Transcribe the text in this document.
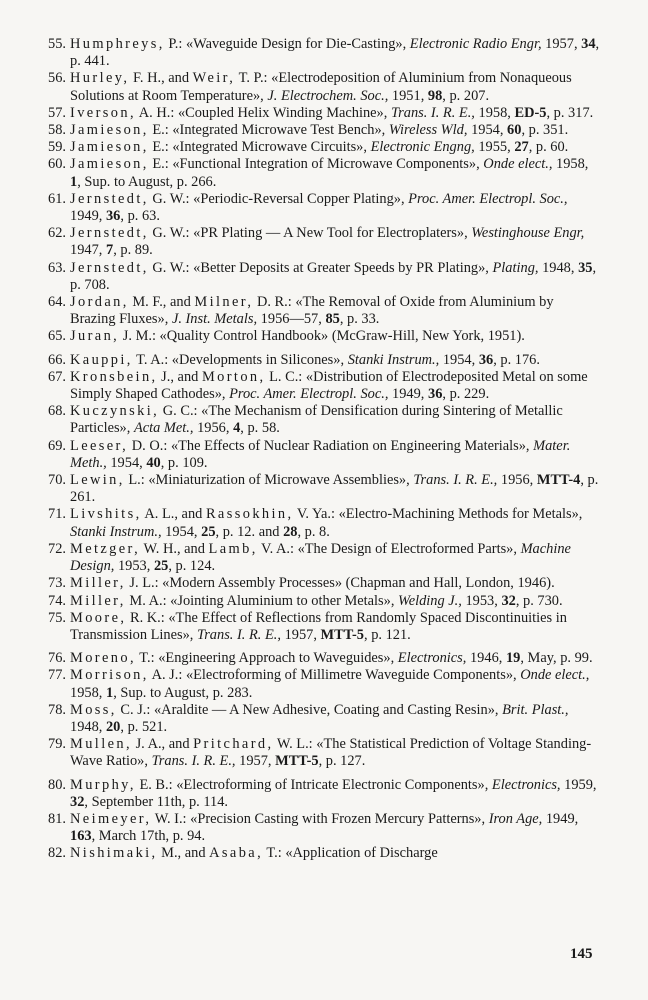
55. Humphreys, P.: «Waveguide Design for Die-Casting», Electronic Radio Engr, 1957, 34, p. 441.
56. Hurley, F. H., and Weir, T. P.: «Electrodeposition of Aluminium from Nonaqueous Solutions at Room Temperature», J. Electrochem. Soc., 1951, 98, p. 207.
57. Iverson, A. H.: «Coupled Helix Winding Machine», Trans. I. R. E., 1958, ED-5, p. 317.
58. Jamieson, E.: «Integrated Microwave Test Bench», Wireless Wld, 1954, 60, p. 351.
59. Jamieson, E.: «Integrated Microwave Circuits», Electronic Engng, 1955, 27, p. 60.
60. Jamieson, E.: «Functional Integration of Microwave Components», Onde elect., 1958, 1, Sup. to August, p. 266.
61. Jernstedt, G. W.: «Periodic-Reversal Copper Plating», Proc. Amer. Electropl. Soc., 1949, 36, p. 63.
62. Jernstedt, G. W.: «PR Plating — A New Tool for Electroplaters», Westinghouse Engr, 1947, 7, p. 89.
63. Jernstedt, G. W.: «Better Deposits at Greater Speeds by PR Plating», Plating, 1948, 35, p. 708.
64. Jordan, M. F., and Milner, D. R.: «The Removal of Oxide from Aluminium by Brazing Fluxes», J. Inst. Metals, 1956—57, 85, p. 33.
65. Juran, J. M.: «Quality Control Handbook» (McGraw-Hill, New York, 1951).
66. Kauppi, T. A.: «Developments in Silicones», Stanki Instrum., 1954, 36, p. 176.
67. Kronsbein, J., and Morton, L. C.: «Distribution of Electrodeposited Metal on some Simply Shaped Cathodes», Proc. Amer. Electropl. Soc., 1949, 36, p. 229.
68. Kuczynski, G. C.: «The Mechanism of Densification during Sintering of Metallic Particles», Acta Met., 1956, 4, p. 58.
69. Leeser, D. O.: «The Effects of Nuclear Radiation on Engineering Materials», Mater. Meth., 1954, 40, p. 109.
70. Lewin, L.: «Miniaturization of Microwave Assemblies», Trans. I. R. E., 1956, MTT-4, p. 261.
71. Livshits, A. L., and Rassokhin, V. Ya.: «Electro-Machining Methods for Metals», Stanki Instrum., 1954, 25, p. 12. and 28, p. 8.
72. Metzger, W. H., and Lamb, V. A.: «The Design of Electroformed Parts», Machine Design, 1953, 25, p. 124.
73. Miller, J. L.: «Modern Assembly Processes» (Chapman and Hall, London, 1946).
74. Miller, M. A.: «Jointing Aluminium to other Metals», Welding J., 1953, 32, p. 730.
75. Moore, R. K.: «The Effect of Reflections from Randomly Spaced Discontinuities in Transmission Lines», Trans. I. R. E., 1957, MTT-5, p. 121.
76. Moreno, T.: «Engineering Approach to Waveguides», Electronics, 1946, 19, May, p. 99.
77. Morrison, A. J.: «Electroforming of Millimetre Waveguide Components», Onde elect., 1958, 1, Sup. to August, p. 283.
78. Moss, C. J.: «Araldite — A New Adhesive, Coating and Casting Resin», Brit. Plast., 1948, 20, p. 521.
79. Mullen, J. A., and Pritchard, W. L.: «The Statistical Prediction of Voltage Standing-Wave Ratio», Trans. I. R. E., 1957, MTT-5, p. 127.
80. Murphy, E. B.: «Electroforming of Intricate Electronic Components», Electronics, 1959, 32, September 11th, p. 114.
81. Neimeyer, W. I.: «Precision Casting with Frozen Mercury Patterns», Iron Age, 1949, 163, March 17th, p. 94.
82. Nishimaki, M., and Asaba, T.: «Application of Discharge
145
